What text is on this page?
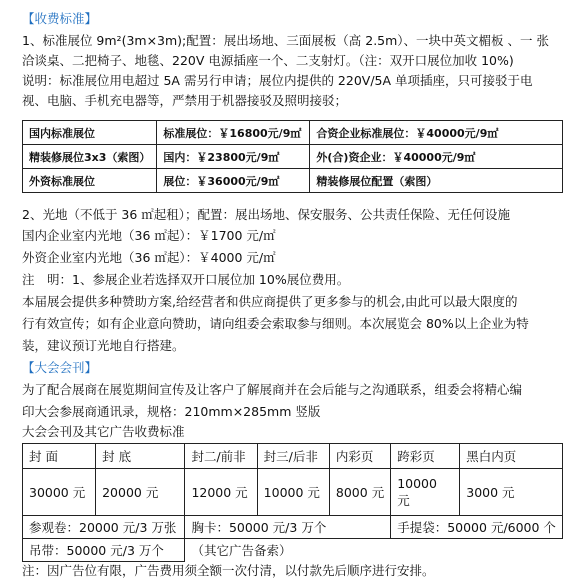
【收费标准】
1、标准展位 9m²(3m×3m);配置：展出场地、三面展板（高 2.5m）、一块中英文楣板 、一 张
洽谈桌、二把椅子、地毯、220V 电源插座一个、二支射灯。（注：双开口展位加收 10%)
说明：标准展位用电超过 5A 需另行申请；展位内提供的 220V/5A 单项插座，只可接驳于电
视、电脑、手机充电器等，严禁用于机器接驳及照明接驳；
国内标准展位	标准展位：￥16800元/9㎡	合资企业标准展位：￥40000元/9㎡
精装修展位3x3（索图）	国内：￥23800元/9㎡	外(合)资企业：￥40000元/9㎡
外资标准展位	展位：￥36000元/9㎡	精装修展位配置（索图）
2、光地（不低于 36 ㎡起租）；配置：展出场地、保安服务、公共责任保险、无任何设施
国内企业室内光地（36 ㎡起）：￥1700 元/㎡
外资企业室内光地（36 ㎡起）：￥4000 元/㎡
注　明：1、参展企业若选择双开口展位加 10%展位费用。
本届展会提供多种赞助方案,给经营者和供应商提供了更多参与的机会,由此可以最大限度的
行有效宣传；如有企业意向赞助，请向组委会索取参与细则。本次展览会 80%以上企业为特
装，建议预订光地自行搭建。
【大会会刊】
为了配合展商在展览期间宣传及让客户了解展商并在会后能与之沟通联系，组委会将精心编
印大会参展商通讯录，规格：210mm×285mm 竖版
大会会刊及其它广告收费标准
封 面	封 底	封二/前非	封三/后非	内彩页	跨彩页	黑白内页
30000 元	20000 元	12000 元	10000 元	8000 元	10000 元	3000 元
参观卷：20000 元/3 万张		胸卡：50000 元/3 万个			手提袋：50000 元/6000 个	
吊带：50000 元/3 万个		（其它广告备索）				
注：因广告位有限，广告费用须全额一次付清，以付款先后顺序进行安排。
